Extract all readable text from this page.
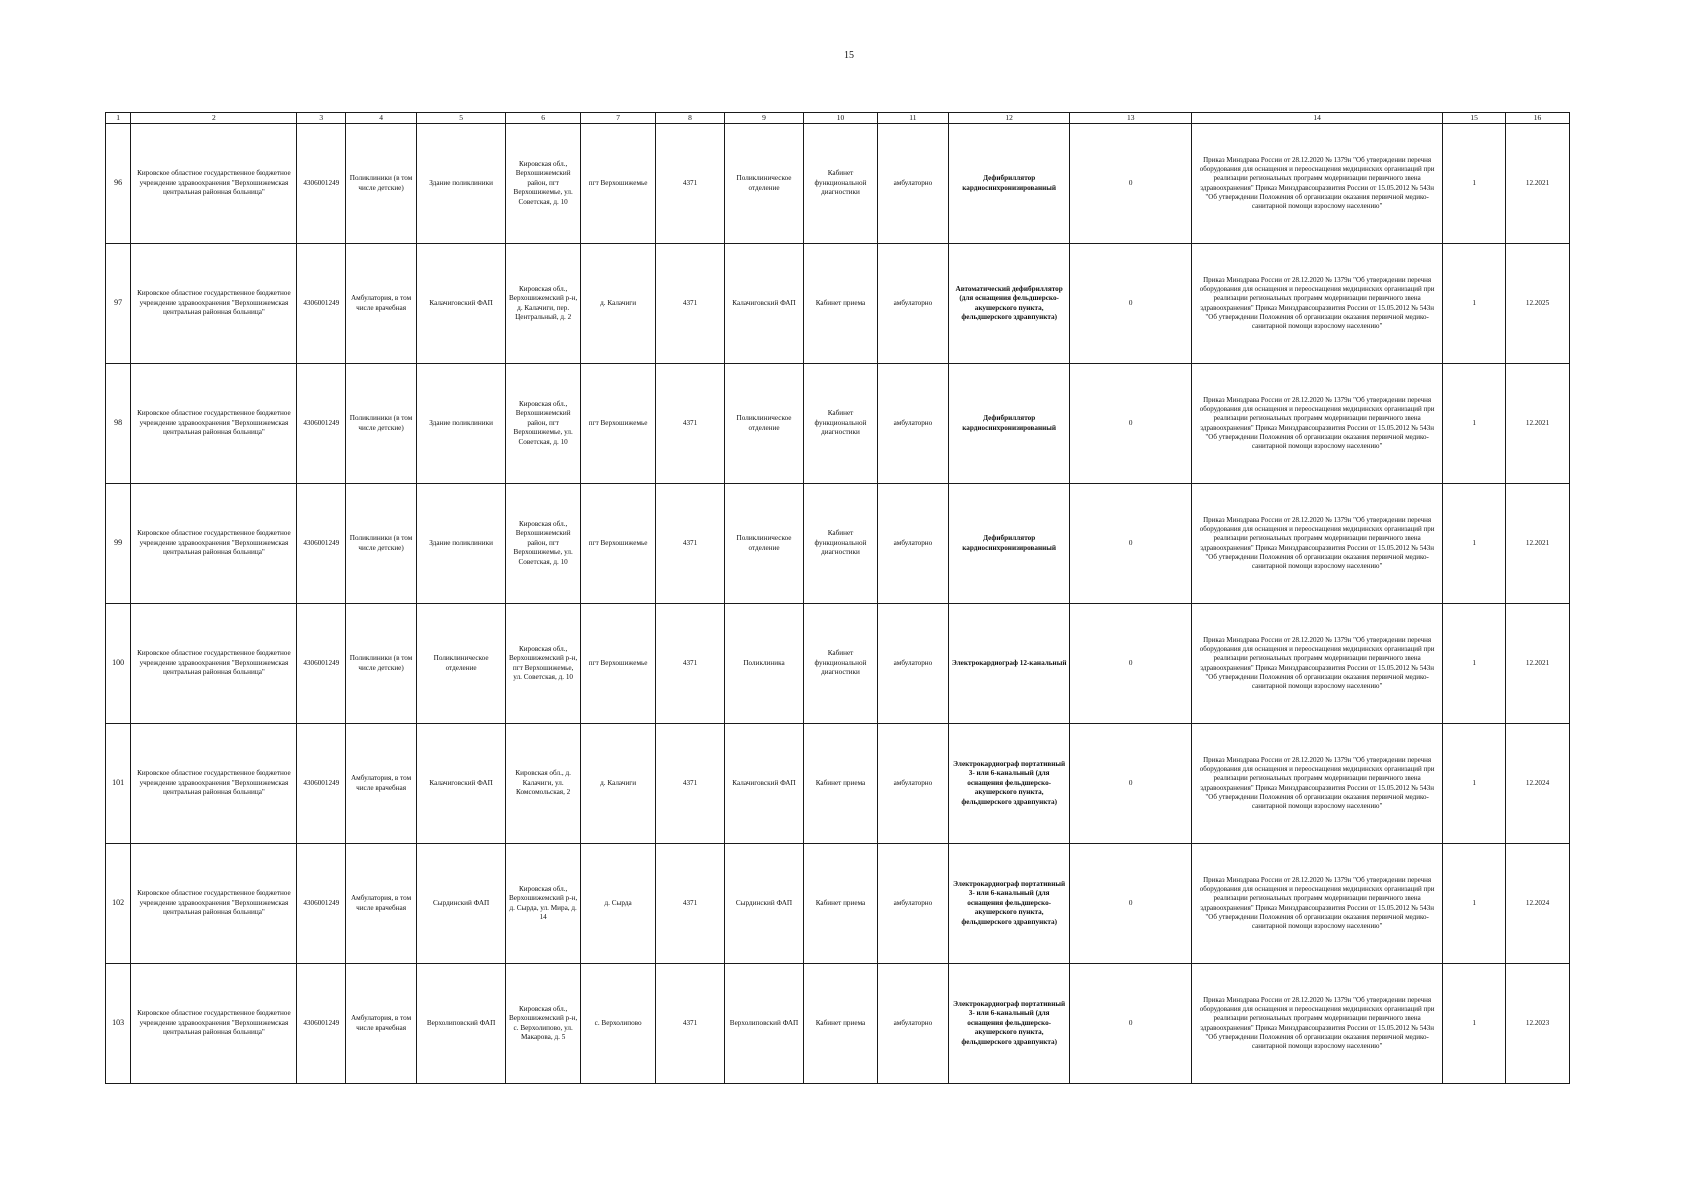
15
1	2	3	4	5	6	7	8	9	10	11	12	13	14	15	16
96	Кировское областное государственное бюджетное учреждение здравоохранения "Верхошижемская центральная районная больница"	4306001249	Поликлиники (в том числе детские)	Здание поликлиники	Кировская обл., Верхошижемский район, пгт Верхошижемье, ул. Советская, д. 10	пгт Верхошижемье	4371	Поликлиническое отделение	Кабинет функциональной диагностики	амбулаторно	Дефибриллятор кардиосинхронизированный	0	Приказ Минздрава России от 28.12.2020 № 1379н "Об утверждении перечня оборудования для оснащения и переоснащения медицинских организаций при реализации региональных программ модернизации первичного звена здравоохранения" Приказ Минздравсоцразвития России от 15.05.2012 № 543н "Об утверждении Положения об организации оказания первичной медико-санитарной помощи взрослому населению"	1	12.2021
97	Кировское областное государственное бюджетное учреждение здравоохранения "Верхошижемская центральная районная больница"	4306001249	Амбулатория, в том числе врачебная	Калачиговский ФАП	Кировская обл., Верхошижемский р-н, д. Калачиги, пер. Центральный, д. 2	д. Калачиги	4371	Калачиговский ФАП	Кабинет приема	амбулаторно	Автоматический дефибриллятор (для оснащения фельдшерско-акушерского пункта, фельдшерского здравпункта)	0	Приказ Минздрава России от 28.12.2020 № 1379н "Об утверждении перечня оборудования для оснащения и переоснащения медицинских организаций при реализации региональных программ модернизации первичного звена здравоохранения" Приказ Минздравсоцразвития России от 15.05.2012 № 543н "Об утверждении Положения об организации оказания первичной медико-санитарной помощи взрослому населению"	1	12.2025
98	Кировское областное государственное бюджетное учреждение здравоохранения "Верхошижемская центральная районная больница"	4306001249	Поликлиники (в том числе детские)	Здание поликлиники	Кировская обл., Верхошижемский район, пгт Верхошижемье, ул. Советская, д. 10	пгт Верхошижемье	4371	Поликлиническое отделение	Кабинет функциональной диагностики	амбулаторно	Дефибриллятор кардиосинхронизированный	0	Приказ Минздрава России от 28.12.2020 № 1379н "Об утверждении перечня оборудования для оснащения и переоснащения медицинских организаций при реализации региональных программ модернизации первичного звена здравоохранения" Приказ Минздравсоцразвития России от 15.05.2012 № 543н "Об утверждении Положения об организации оказания первичной медико-санитарной помощи взрослому населению"	1	12.2021
99	Кировское областное государственное бюджетное учреждение здравоохранения "Верхошижемская центральная районная больница"	4306001249	Поликлиники (в том числе детские)	Здание поликлиники	Кировская обл., Верхошижемский район, пгт Верхошижемье, ул. Советская, д. 10	пгт Верхошижемье	4371	Поликлиническое отделение	Кабинет функциональной диагностики	амбулаторно	Дефибриллятор кардиосинхронизированный	0	Приказ Минздрава России от 28.12.2020 № 1379н "Об утверждении перечня оборудования для оснащения и переоснащения медицинских организаций при реализации региональных программ модернизации первичного звена здравоохранения" Приказ Минздравсоцразвития России от 15.05.2012 № 543н "Об утверждении Положения об организации оказания первичной медико-санитарной помощи взрослому населению"	1	12.2021
100	Кировское областное государственное бюджетное учреждение здравоохранения "Верхошижемская центральная районная больница"	4306001249	Поликлиники (в том числе детские)	Поликлиническое отделение	Кировская обл., Верхошижемский р-н, пгт Верхошижемье, ул. Советская, д. 10	пгт Верхошижемье	4371	Поликлиника	Кабинет функциональной диагностики	амбулаторно	Электрокардиограф 12-канальный	0	Приказ Минздрава России от 28.12.2020 № 1379н "Об утверждении перечня оборудования для оснащения и переоснащения медицинских организаций при реализации региональных программ модернизации первичного звена здравоохранения" Приказ Минздравсоцразвития России от 15.05.2012 № 543н "Об утверждении Положения об организации оказания первичной медико-санитарной помощи взрослому населению"	1	12.2021
101	Кировское областное государственное бюджетное учреждение здравоохранения "Верхошижемская центральная районная больница"	4306001249	Амбулатория, в том числе врачебная	Калачиговский ФАП	Кировская обл., д. Калачиги, ул. Комсомольская, 2	д. Калачиги	4371	Калачиговский ФАП	Кабинет приема	амбулаторно	Электрокардиограф портативный 3- или 6-канальный (для оснащения фельдшерско-акушерского пункта, фельдшерского здравпункта)	0	Приказ Минздрава России от 28.12.2020 № 1379н "Об утверждении перечня оборудования для оснащения и переоснащения медицинских организаций при реализации региональных программ модернизации первичного звена здравоохранения" Приказ Минздравсоцразвития России от 15.05.2012 № 543н "Об утверждении Положения об организации оказания первичной медико-санитарной помощи взрослому населению"	1	12.2024
102	Кировское областное государственное бюджетное учреждение здравоохранения "Верхошижемская центральная районная больница"	4306001249	Амбулатория, в том числе врачебная	Сырдинский ФАП	Кировская обл., Верхошижемский р-н, д. Сырда, ул. Мира, д. 14	д. Сырда	4371	Сырдинский ФАП	Кабинет приема	амбулаторно	Электрокардиограф портативный 3- или 6-канальный (для оснащения фельдшерско-акушерского пункта, фельдшерского здравпункта)	0	Приказ Минздрава России от 28.12.2020 № 1379н "Об утверждении перечня оборудования для оснащения и переоснащения медицинских организаций при реализации региональных программ модернизации первичного звена здравоохранения" Приказ Минздравсоцразвития России от 15.05.2012 № 543н "Об утверждении Положения об организации оказания первичной медико-санитарной помощи взрослому населению"	1	12.2024
103	Кировское областное государственное бюджетное учреждение здравоохранения "Верхошижемская центральная районная больница"	4306001249	Амбулатория, в том числе врачебная	Верхолиповский ФАП	Кировская обл., Верхошижемский р-н, с. Верхолипово, ул. Макарова, д. 5	с. Верхолипово	4371	Верхолиповский ФАП	Кабинет приема	амбулаторно	Электрокардиограф портативный 3- или 6-канальный (для оснащения фельдшерско-акушерского пункта, фельдшерского здравпункта)	0	Приказ Минздрава России от 28.12.2020 № 1379н "Об утверждении перечня оборудования для оснащения и переоснащения медицинских организаций при реализации региональных программ модернизации первичного звена здравоохранения" Приказ Минздравсоцразвития России от 15.05.2012 № 543н "Об утверждении Положения об организации оказания первичной медико-санитарной помощи взрослому населению"	1	12.2023
